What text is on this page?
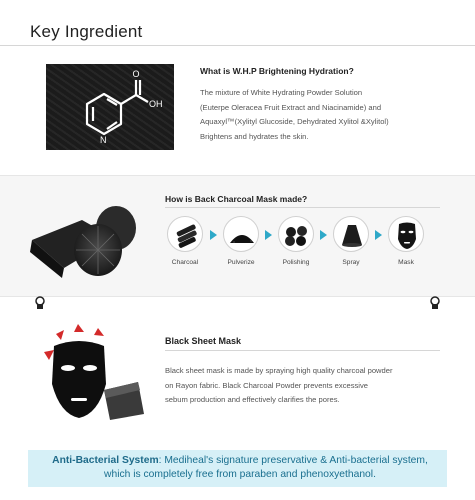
Key Ingredient
O
N
OH
What is W.H.P Brightening Hydration?
The mixture of White Hydrating Powder Solution
(Euterpe Oleracea Fruit Extract and Niacinamide) and
Aquaxyl™(Xylityl Glucoside, Dehydrated Xylitol &Xylitol)
Brightens and hydrates the skin.
How is Back Charcoal Mask made?
Charcoal	Pulverize	Polishing	Spray	Mask
Black Sheet Mask
Black sheet mask is made by spraying high quality charcoal powder
on Rayon fabric. Black Charcoal Powder prevents excessive
sebum production and effectively clarifies the pores.
Anti-Bacterial System: Mediheal's signature preservative & Anti-bacterial system,
which is completely free from paraben and phenoxyethanol.
